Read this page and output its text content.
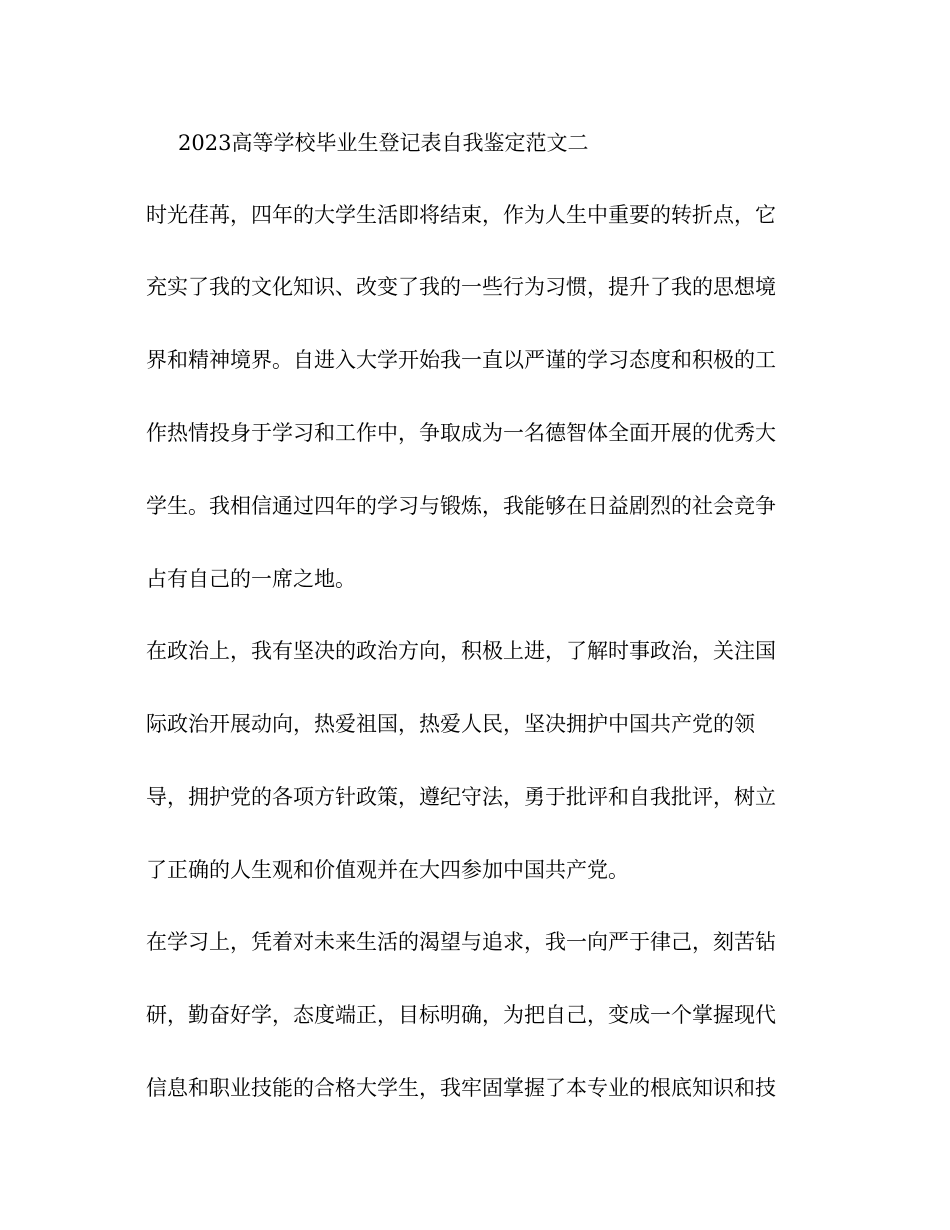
2023高等学校毕业生登记表自我鉴定范文二
时光荏苒，四年的大学生活即将结束，作为人生中重要的转折点，它
充实了我的文化知识、改变了我的一些行为习惯，提升了我的思想境
界和精神境界。自进入大学开始我一直以严谨的学习态度和积极的工
作热情投身于学习和工作中，争取成为一名德智体全面开展的优秀大
学生。我相信通过四年的学习与锻炼，我能够在日益剧烈的社会竞争
占有自己的一席之地。
在政治上，我有坚决的政治方向，积极上进，了解时事政治，关注国
际政治开展动向，热爱祖国，热爱人民，坚决拥护中国共产党的领
导，拥护党的各项方针政策，遵纪守法，勇于批评和自我批评，树立
了正确的人生观和价值观并在大四参加中国共产党。
在学习上，凭着对未来生活的渴望与追求，我一向严于律己，刻苦钻
研，勤奋好学，态度端正，目标明确，为把自己，变成一个掌握现代
信息和职业技能的合格大学生，我牢固掌握了本专业的根底知识和技
